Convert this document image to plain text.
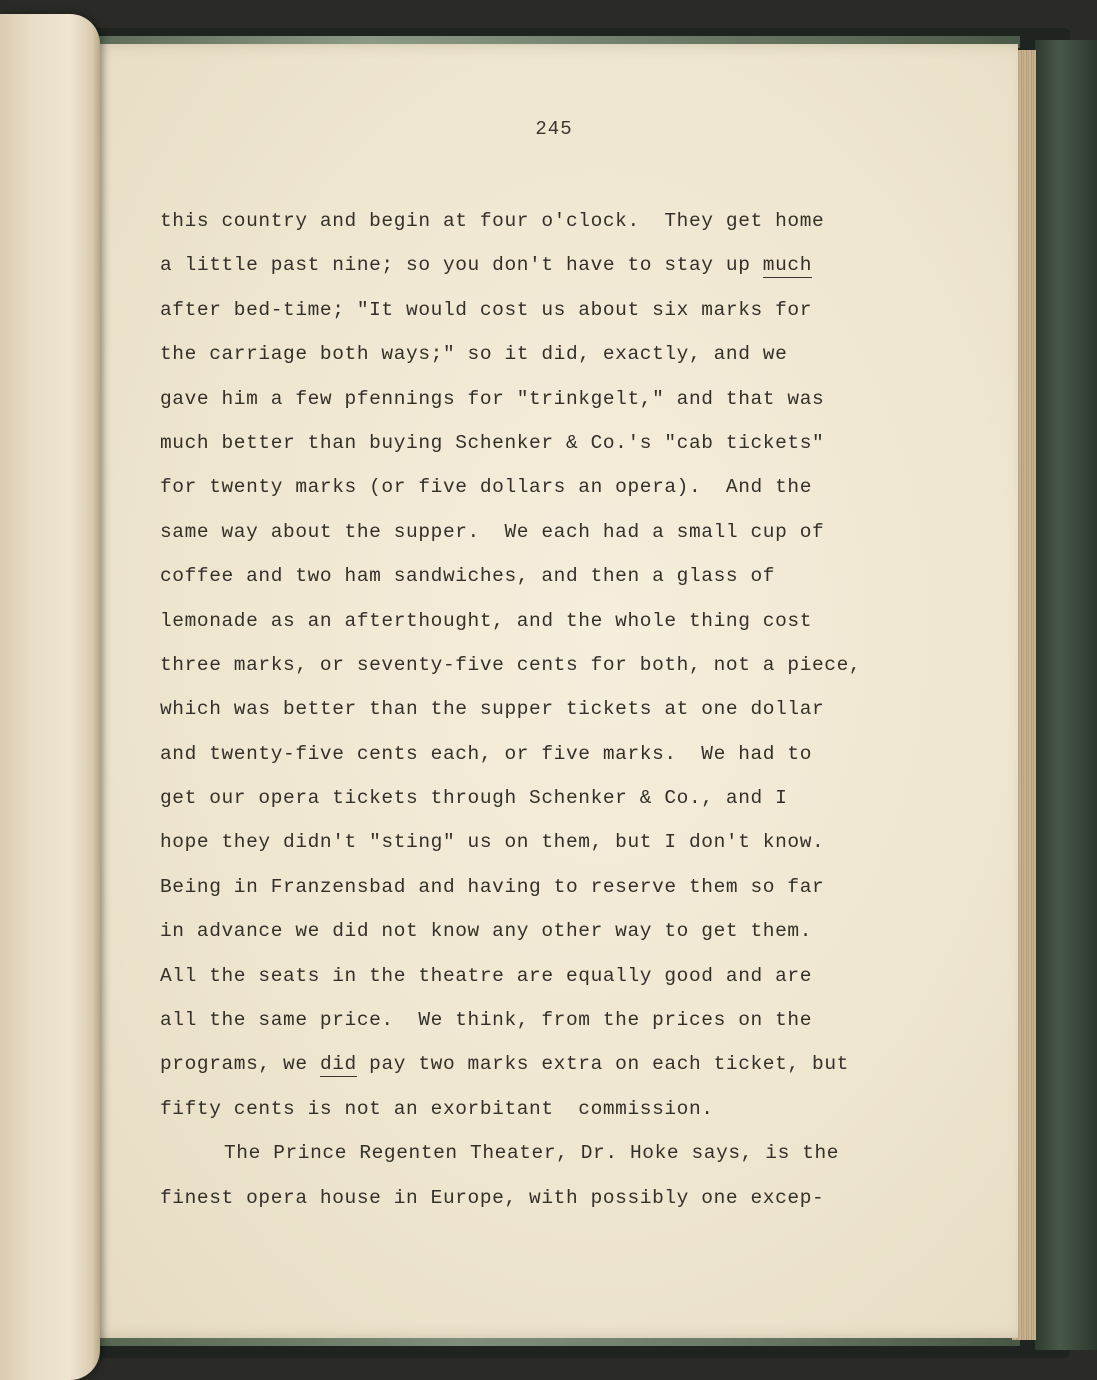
245
this country and begin at four o'clock.  They get home
a little past nine; so you don't have to stay up much
after bed-time; "It would cost us about six marks for
the carriage both ways;" so it did, exactly, and we
gave him a few pfennings for "trinkgelt," and that was
much better than buying Schenker & Co.'s "cab tickets"
for twenty marks (or five dollars an opera).  And the
same way about the supper.  We each had a small cup of
coffee and two ham sandwiches, and then a glass of
lemonade as an afterthought, and the whole thing cost
three marks, or seventy-five cents for both, not a piece,
which was better than the supper tickets at one dollar
and twenty-five cents each, or five marks.  We had to
get our opera tickets through Schenker & Co., and I
hope they didn't "sting" us on them, but I don't know.
Being in Franzensbad and having to reserve them so far
in advance we did not know any other way to get them.
All the seats in the theatre are equally good and are
all the same price.  We think, from the prices on the
programs, we did pay two marks extra on each ticket, but
fifty cents is not an exorbitant  commission.
The Prince Regenten Theater, Dr. Hoke says, is the
finest opera house in Europe, with possibly one excep-
